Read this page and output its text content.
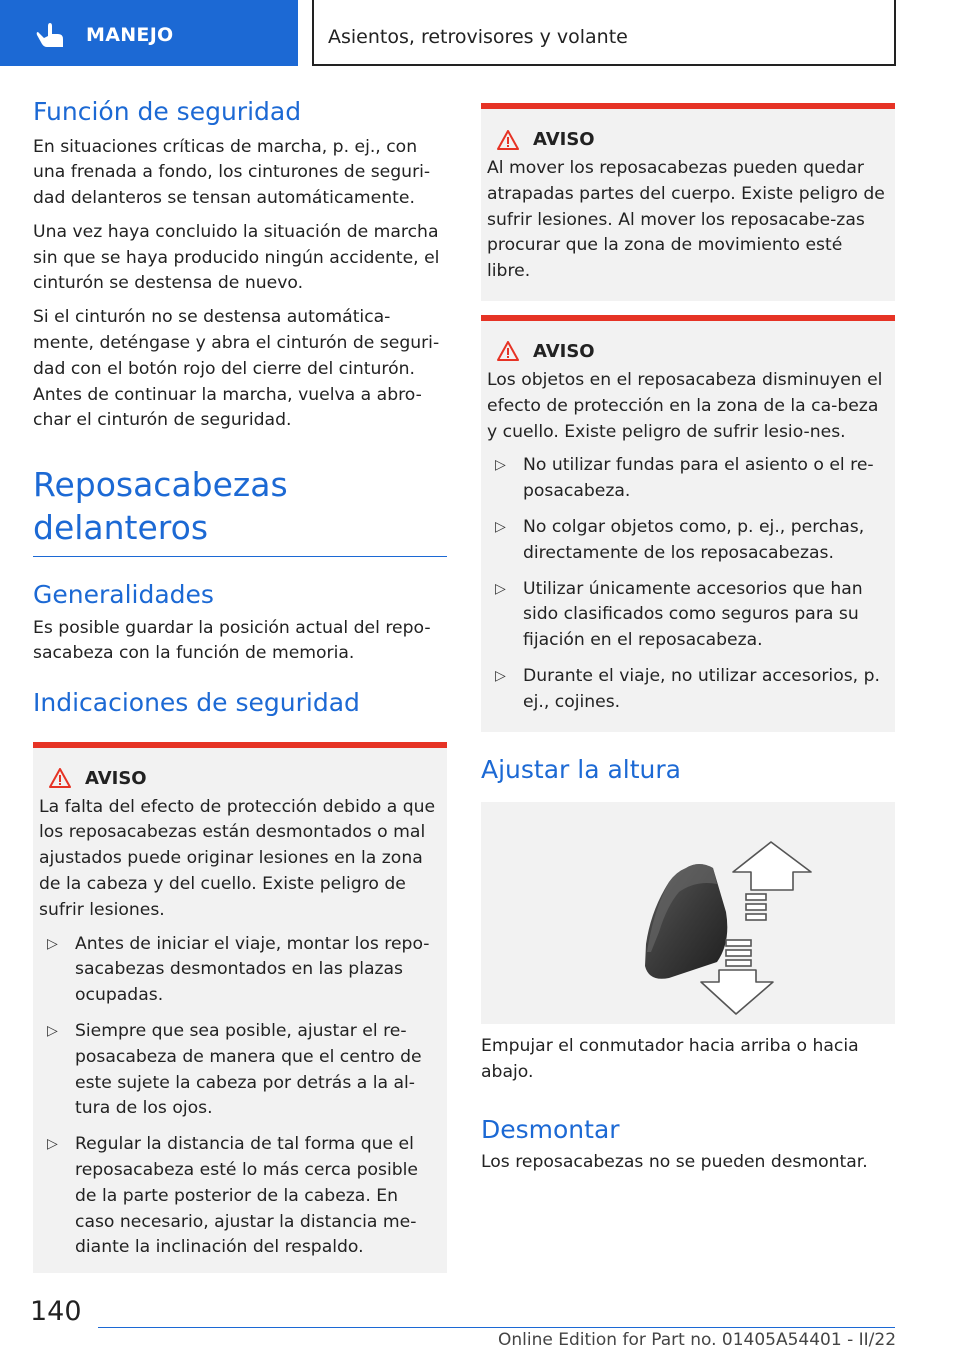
MANEJO	Asientos, retrovisores y volante
Función de seguridad

En situaciones críticas de marcha, p. ej., con una frenada a fondo, los cinturones de seguri-dad delanteros se tensan automáticamente.

Una vez haya concluido la situación de marcha sin que se haya producido ningún accidente, el cinturón se destensa de nuevo.

Si el cinturón no se destensa automática-mente, deténgase y abra el cinturón de seguri-dad con el botón rojo del cierre del cinturón. Antes de continuar la marcha, vuelva a abro-char el cinturón de seguridad.

Reposacabezas delanteros
Generalidades

Es posible guardar la posición actual del repo-sacabeza con la función de memoria.

Indicaciones de seguridad
AVISO

La falta del efecto de protección debido a que los reposacabezas están desmontados o mal ajustados puede originar lesiones en la zona de la cabeza y del cuello. Existe peligro de sufrir lesiones.

▷	Antes de iniciar el viaje, montar los repo-sacabezas desmontados en las plazas ocupadas.
▷	Siempre que sea posible, ajustar el re-posacabeza de manera que el centro de este sujete la cabeza por detrás a la al-tura de los ojos.
▷	Regular la distancia de tal forma que el reposacabeza esté lo más cerca posible de la parte posterior de la cabeza. En caso necesario, ajustar la distancia me-diante la inclinación del respaldo.
AVISO

Al mover los reposacabezas pueden quedar atrapadas partes del cuerpo. Existe peligro de sufrir lesiones. Al mover los reposacabe-zas procurar que la zona de movimiento esté libre.

AVISO

Los objetos en el reposacabeza disminuyen el efecto de protección en la zona de la ca-beza y cuello. Existe peligro de sufrir lesio-nes.

▷	No utilizar fundas para el asiento o el re-posacabeza.
▷	No colgar objetos como, p. ej., perchas, directamente de los reposacabezas.
▷	Utilizar únicamente accesorios que han sido clasificados como seguros para su fijación en el reposacabeza.
▷	Durante el viaje, no utilizar accesorios, p. ej., cojines.
Ajustar la altura

Empujar el conmutador hacia arriba o hacia abajo.

Desmontar

Los reposacabezas no se pueden desmontar.

140
Online Edition for Part no. 01405A54401 - II/22
